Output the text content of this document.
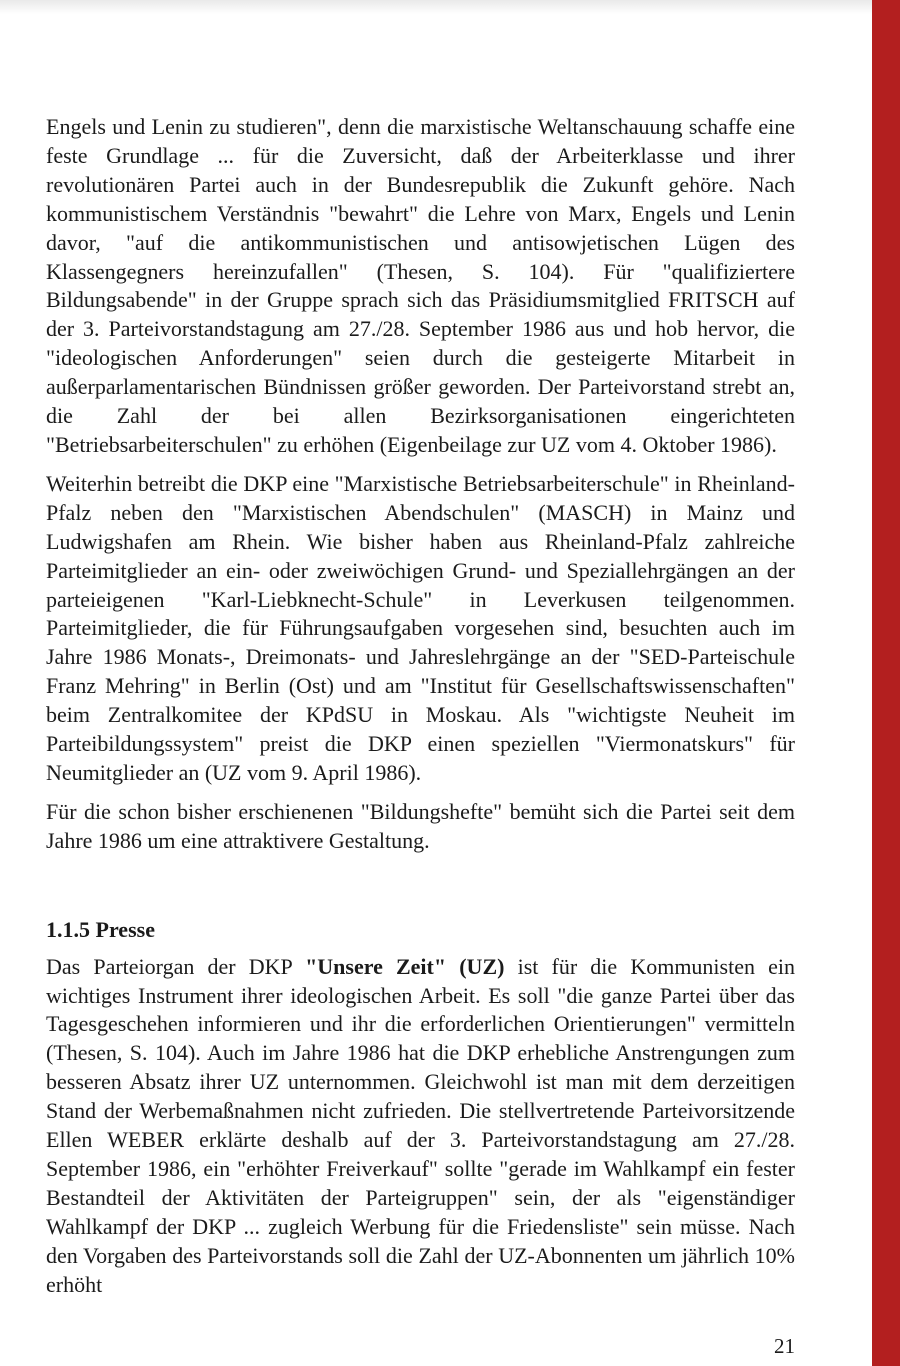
Engels und Lenin zu studieren", denn die marxistische Weltanschauung schaffe eine feste Grundlage ... für die Zuversicht, daß der Arbeiterklasse und ihrer revolutionären Partei auch in der Bundesrepublik die Zukunft gehöre. Nach kommunistischem Verständnis "bewahrt" die Lehre von Marx, Engels und Lenin davor, "auf die antikommunistischen und antisowjetischen Lügen des Klassengegners hereinzufallen" (Thesen, S. 104). Für "qualifiziertere Bildungsabende" in der Gruppe sprach sich das Präsidiumsmitglied FRITSCH auf der 3. Parteivorstandstagung am 27./28. September 1986 aus und hob hervor, die "ideologischen Anforderungen" seien durch die gesteigerte Mitarbeit in außerparlamentarischen Bündnissen größer geworden. Der Parteivorstand strebt an, die Zahl der bei allen Bezirksorganisationen eingerichteten "Betriebsarbeiterschulen" zu erhöhen (Eigenbeilage zur UZ vom 4. Oktober 1986).

Weiterhin betreibt die DKP eine "Marxistische Betriebsarbeiterschule" in Rheinland-Pfalz neben den "Marxistischen Abendschulen" (MASCH) in Mainz und Ludwigshafen am Rhein. Wie bisher haben aus Rheinland-Pfalz zahlreiche Parteimitglieder an ein- oder zweiwöchigen Grund- und Speziallehrgängen an der parteieigenen "Karl-Liebknecht-Schule" in Leverkusen teilgenommen. Parteimitglieder, die für Führungsaufgaben vorgesehen sind, besuchten auch im Jahre 1986 Monats-, Dreimonats- und Jahreslehrgänge an der "SED-Parteischule Franz Mehring" in Berlin (Ost) und am "Institut für Gesellschaftswissenschaften" beim Zentralkomitee der KPdSU in Moskau. Als "wichtigste Neuheit im Parteibildungssystem" preist die DKP einen speziellen "Viermonatskurs" für Neumitglieder an (UZ vom 9. April 1986).

Für die schon bisher erschienenen "Bildungshefte" bemüht sich die Partei seit dem Jahre 1986 um eine attraktivere Gestaltung.

1.1.5 Presse

Das Parteiorgan der DKP "Unsere Zeit" (UZ) ist für die Kommunisten ein wichtiges Instrument ihrer ideologischen Arbeit. Es soll "die ganze Partei über das Tagesgeschehen informieren und ihr die erforderlichen Orientierungen" vermitteln (Thesen, S. 104). Auch im Jahre 1986 hat die DKP erhebliche Anstrengungen zum besseren Absatz ihrer UZ unternommen. Gleichwohl ist man mit dem derzeitigen Stand der Werbemaßnahmen nicht zufrieden. Die stellvertretende Parteivorsitzende Ellen WEBER erklärte deshalb auf der 3. Parteivorstandstagung am 27./28. September 1986, ein "erhöhter Freiverkauf" sollte "gerade im Wahlkampf ein fester Bestandteil der Aktivitäten der Parteigruppen" sein, der als "eigenständiger Wahlkampf der DKP ... zugleich Werbung für die Friedensliste" sein müsse. Nach den Vorgaben des Parteivorstands soll die Zahl der UZ-Abonnenten um jährlich 10% erhöht

21
